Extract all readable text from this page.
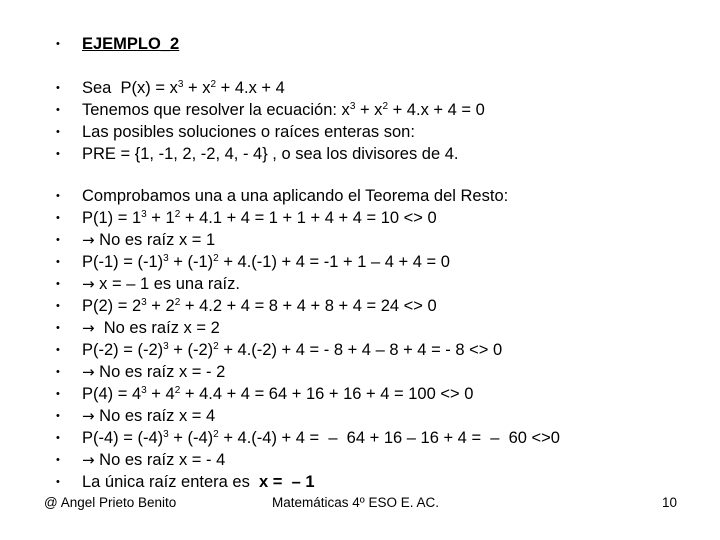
• EJEMPLO_2
• Sea  $P(x) = x^3 + x^2 + 4.x + 4$
• Tenemos que resolver la ecuación: $x^3 + x^2 + 4.x + 4 = 0$
• Las posibles soluciones o raíces enteras son:
• PRE = {1, -1, 2, -2, 4, - 4} , o sea los divisores de 4.
• Comprobamos una a una aplicando el Teorema del Resto:
• $P(1) = 1^3 + 1^2 + 4.1 + 4 = 1 + 1 + 4 + 4 = 10 <> 0$
• → No es raíz x = 1
• $P(-1) = (-1)^3 + (-1)^2 + 4.(-1) + 4 = -1 + 1 - 4 + 4 = 0$
• → x = – 1 es una raíz.
• $P(2) = 2^3 + 2^2 + 4.2 + 4 = 8 + 4 + 8 + 4 = 24 <> 0$
• → No es raíz x = 2
• $P(-2) = (-2)^3 + (-2)^2 + 4.(-2) + 4$ = - 8 + 4 – 8 + 4 = - 8 <> 0
• → No es raíz x = - 2
• $P(4) = 4^3 + 4^2 + 4.4 + 4 = 64 + 16 + 16 + 4 = 100 <> 0$
• → No es raíz x = 4
• $P(-4) = (-4)^3 + (-4)^2 + 4.(-4) + 4$ =  –  64 + 16 – 16 + 4 =  –  60 <>0
• → No es raíz x = - 4
• La única raíz entera es  x =  – 1
@ Angel Prieto Benito	Matemáticas 4º ESO E. AC.	10
